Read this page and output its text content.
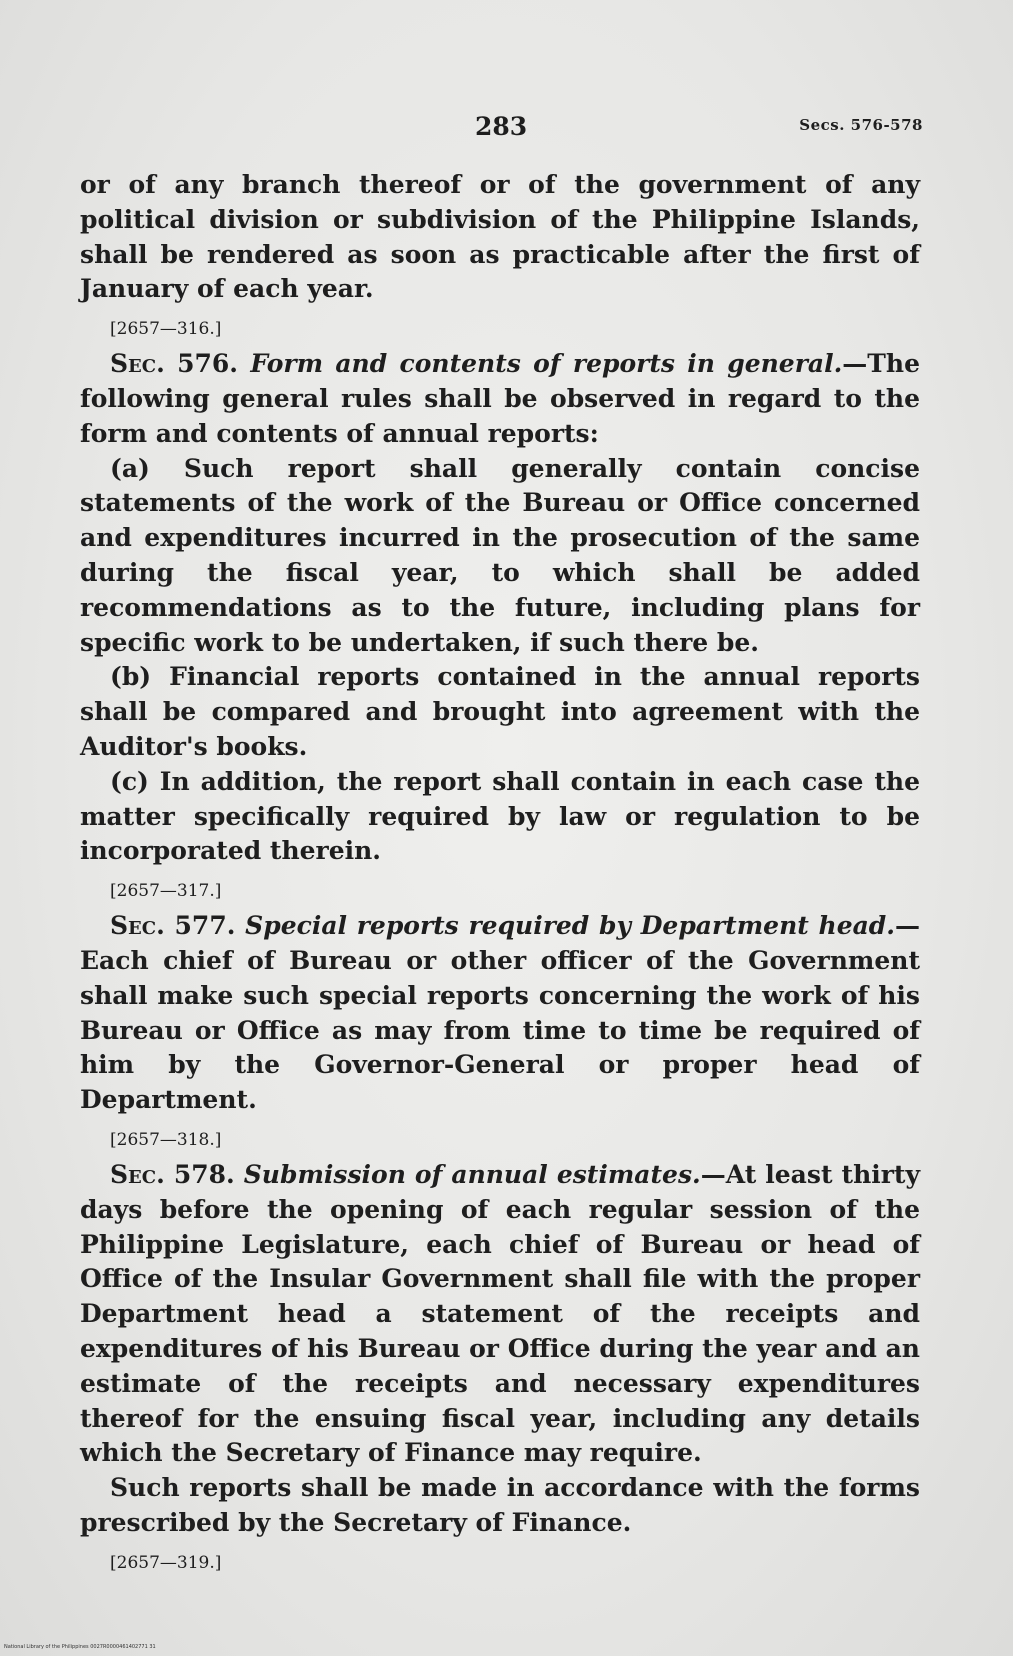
283	Secs. 576-578

or of any branch thereof or of the government of any political division or subdivision of the Philippine Islands, shall be rendered as soon as practicable after the first of January of each year.

[2657—316.]

Sec. 576. Form and contents of reports in general.—The following general rules shall be observed in regard to the form and contents of annual reports:

(a) Such report shall generally contain concise statements of the work of the Bureau or Office concerned and expenditures incurred in the prosecution of the same during the fiscal year, to which shall be added recommendations as to the future, including plans for specific work to be undertaken, if such there be.

(b) Financial reports contained in the annual reports shall be compared and brought into agreement with the Auditor's books.

(c) In addition, the report shall contain in each case the matter specifically required by law or regulation to be incorporated therein.

[2657—317.]

Sec. 577. Special reports required by Department head.—Each chief of Bureau or other officer of the Government shall make such special reports concerning the work of his Bureau or Office as may from time to time be required of him by the Governor-General or proper head of Department.

[2657—318.]

Sec. 578. Submission of annual estimates.—At least thirty days before the opening of each regular session of the Philippine Legislature, each chief of Bureau or head of Office of the Insular Government shall file with the proper Department head a statement of the receipts and expenditures of his Bureau or Office during the year and an estimate of the receipts and necessary expenditures thereof for the ensuing fiscal year, including any details which the Secretary of Finance may require.

Such reports shall be made in accordance with the forms prescribed by the Secretary of Finance.

[2657—319.]

National Library of the Philippines 0027R0000461402771 31
